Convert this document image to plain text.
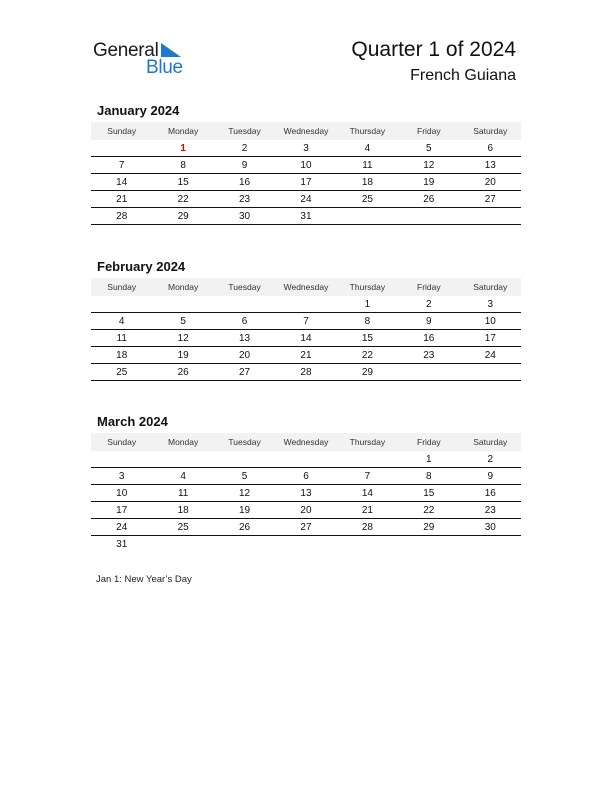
General
Blue
Quarter 1 of 2024
French Guiana
January 2024
Sunday	Monday	Tuesday	Wednesday	Thursday	Friday	Saturday
	1	2	3	4	5	6
7	8	9	10	11	12	13
14	15	16	17	18	19	20
21	22	23	24	25	26	27
28	29	30	31			
February 2024
Sunday	Monday	Tuesday	Wednesday	Thursday	Friday	Saturday
				1	2	3
4	5	6	7	8	9	10
11	12	13	14	15	16	17
18	19	20	21	22	23	24
25	26	27	28	29		
March 2024
Sunday	Monday	Tuesday	Wednesday	Thursday	Friday	Saturday
					1	2
3	4	5	6	7	8	9
10	11	12	13	14	15	16
17	18	19	20	21	22	23
24	25	26	27	28	29	30
31						
Jan 1: New Year’s Day
